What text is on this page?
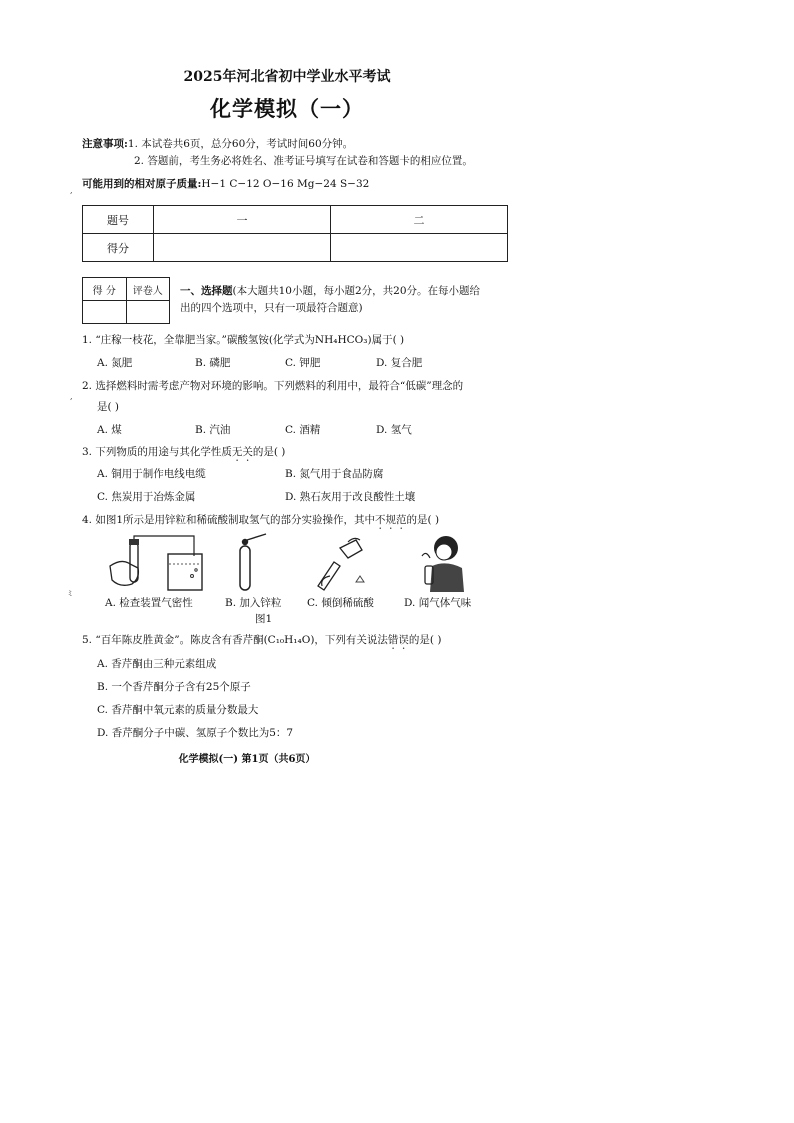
2025年河北省初中学业水平考试
化学模拟（一）
注意事项:1. 本试卷共6页，总分60分，考试时间60分钟。
2. 答题前，考生务必将姓名、准考证号填写在试卷和答题卡的相应位置。
可能用到的相对原子质量:H−1 C−12 O−16 Mg−24 S−32
题号	一	二
得分		
得 分	评卷人
	一、选择题(本大题共10小题，每小题2分，共20分。在每小题给
出的四个选项中，只有一项最符合题意)
1. “庄稼一枝花，全靠肥当家。”碳酸氢铵(化学式为NH₄HCO₃)属于( )
A. 氮肥	B. 磷肥	C. 钾肥	D. 复合肥
2. 选择燃料时需考虑产物对环境的影响。下列燃料的利用中，最符合“低碳”理念的
是( )
A. 煤	B. 汽油	C. 酒精	D. 氢气
3. 下列物质的用途与其化学性质无关的是( )
A. 铜用于制作电线电缆	B. 氮气用于食品防腐
C. 焦炭用于冶炼金属	D. 熟石灰用于改良酸性土壤
4. 如图1所示是用锌粒和稀硫酸制取氢气的部分实验操作，其中不规范的是( )
A. 检查装置气密性	B. 加入锌粒 C. 倾倒稀硫酸	D. 闻气体气味
图1
5. “百年陈皮胜黄金”。陈皮含有香芹酮(C₁₀H₁₄O)，下列有关说法错误的是( )
A. 香芹酮由三种元素组成
B. 一个香芹酮分子含有25个原子
C. 香芹酮中氧元素的质量分数最大
D. 香芹酮分子中碳、氢原子个数比为5：7
化学模拟(一) 第1页（共6页）
,
,
ﾐ
